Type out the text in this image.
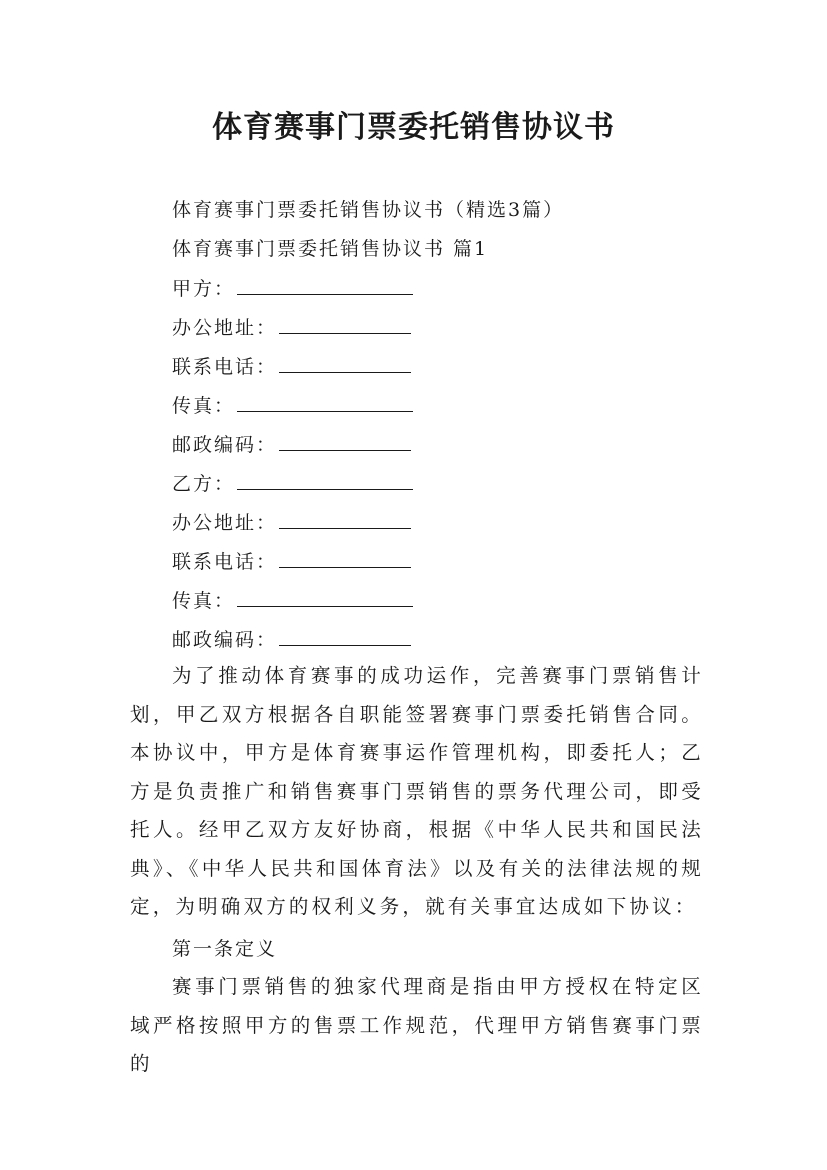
体育赛事门票委托销售协议书
体育赛事门票委托销售协议书（精选3篇）
体育赛事门票委托销售协议书 篇1
甲方：
办公地址：
联系电话：
传真：
邮政编码：
乙方：
办公地址：
联系电话：
传真：
邮政编码：

为了推动体育赛事的成功运作，完善赛事门票销售计划，甲乙双方根据各自职能签署赛事门票委托销售合同。本协议中，甲方是体育赛事运作管理机构，即委托人；乙方是负责推广和销售赛事门票销售的票务代理公司，即受托人。经甲乙双方友好协商，根据《中华人民共和国民法典》、《中华人民共和国体育法》以及有关的法律法规的规定，为明确双方的权利义务，就有关事宜达成如下协议：

第一条定义

赛事门票销售的独家代理商是指由甲方授权在特定区域严格按照甲方的售票工作规范，代理甲方销售赛事门票的
